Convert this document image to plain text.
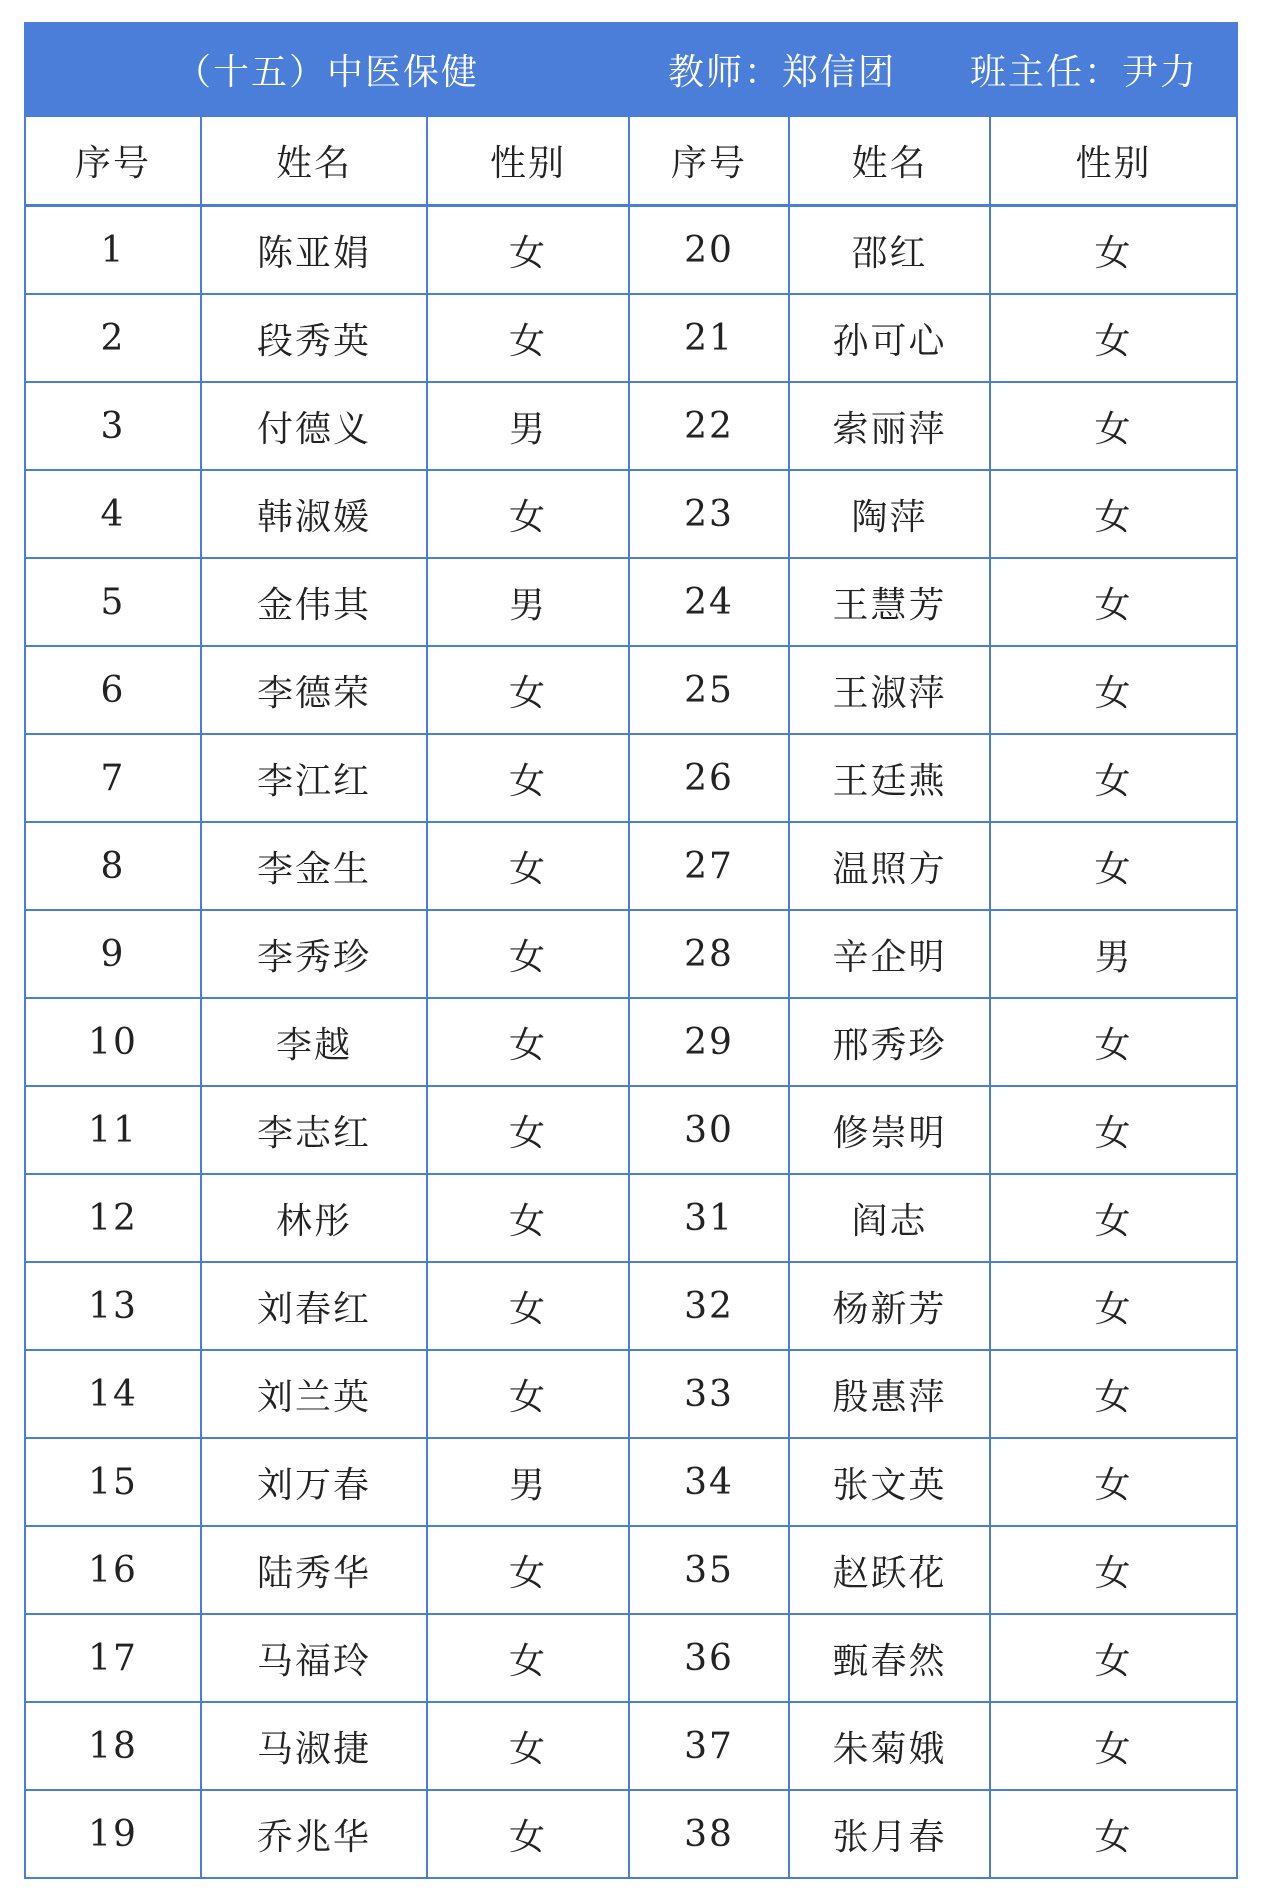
（十五）中医保健			教师：郑信团 班主任：尹力		
序号	姓名	性别	序号	姓名	性别
1	陈亚娟	女	20	邵红	女
2	段秀英	女	21	孙可心	女
3	付德义	男	22	索丽萍	女
4	韩淑媛	女	23	陶萍	女
5	金伟其	男	24	王慧芳	女
6	李德荣	女	25	王淑萍	女
7	李江红	女	26	王廷燕	女
8	李金生	女	27	温照方	女
9	李秀珍	女	28	辛企明	男
10	李越	女	29	邢秀珍	女
11	李志红	女	30	修崇明	女
12	林彤	女	31	阎志	女
13	刘春红	女	32	杨新芳	女
14	刘兰英	女	33	殷惠萍	女
15	刘万春	男	34	张文英	女
16	陆秀华	女	35	赵跃花	女
17	马福玲	女	36	甄春然	女
18	马淑捷	女	37	朱菊娥	女
19	乔兆华	女	38	张月春	女
